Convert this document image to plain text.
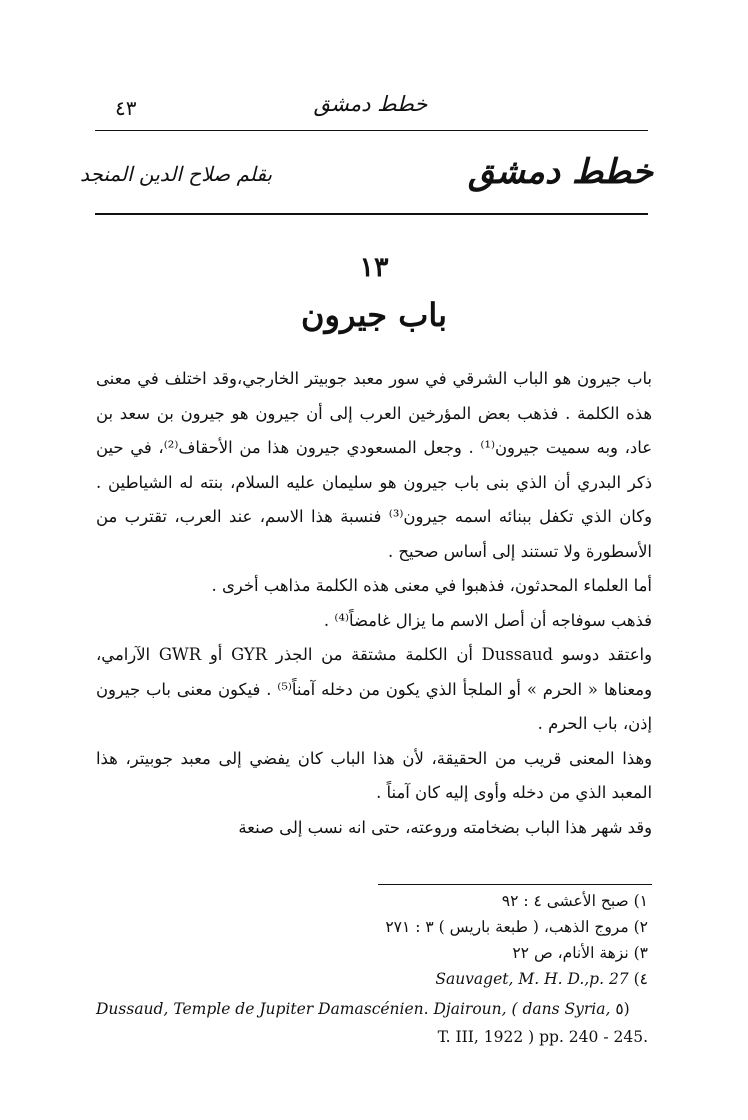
٤٣	خطط دمشق
خطط دمشق
بقلم صلاح الدين المنجد
١٣
باب جيرون

باب جيرون هو الباب الشرقي في سور معبد جوبيتر الخارجي،وقد اختلف في معنى هذه الكلمة . فذهب بعض المؤرخين العرب إلى أن جيرون هو جيرون بن سعد بن عاد، وبه سميت جيرون⁽¹⁾ . وجعل المسعودي جيرون هذا من الأحقاف⁽²⁾، في حين ذكر البدري أن الذي بنى باب جيرون هو سليمان عليه السلام، بنته له الشياطين . وكان الذي تكفل ببنائه اسمه جيرون⁽³⁾ فنسبة هذا الاسم، عند العرب، تقترب من الأسطورة ولا تستند إلى أساس صحيح .

أما العلماء المحدثون، فذهبوا في معنى هذه الكلمة مذاهب أخرى .

فذهب سوفاجه أن أصل الاسم ما يزال غامضاً⁽⁴⁾ .

واعتقد دوسو Dussaud أن الكلمة مشتقة من الجذر GYR أو GWR الآرامي، ومعناها « الحرم » أو الملجأ الذي يكون من دخله آمناً⁽⁵⁾ . فيكون معنى باب جيرون إذن، باب الحرم .

وهذا المعنى قريب من الحقيقة، لأن هذا الباب كان يفضي إلى معبد جوبيتر، هذا المعبد الذي من دخله وأوى إليه كان آمناً .

وقد شهر هذا الباب بضخامته وروعته، حتى انه نسب إلى صنعة

١) صبح الأعشى ٤ : ٩٢
٢) مروج الذهب، ( طبعة باريس ) ٣ : ٢٧١
٣) نزهة الأنام، ص ٢٢
٤) Sauvaget, M. H. D.,p. 27
Dussaud, Temple de Jupiter Damascénien. Djairoun, ( dans Syria, ٥)
T. III, 1922 ) pp. 240 - 245.
